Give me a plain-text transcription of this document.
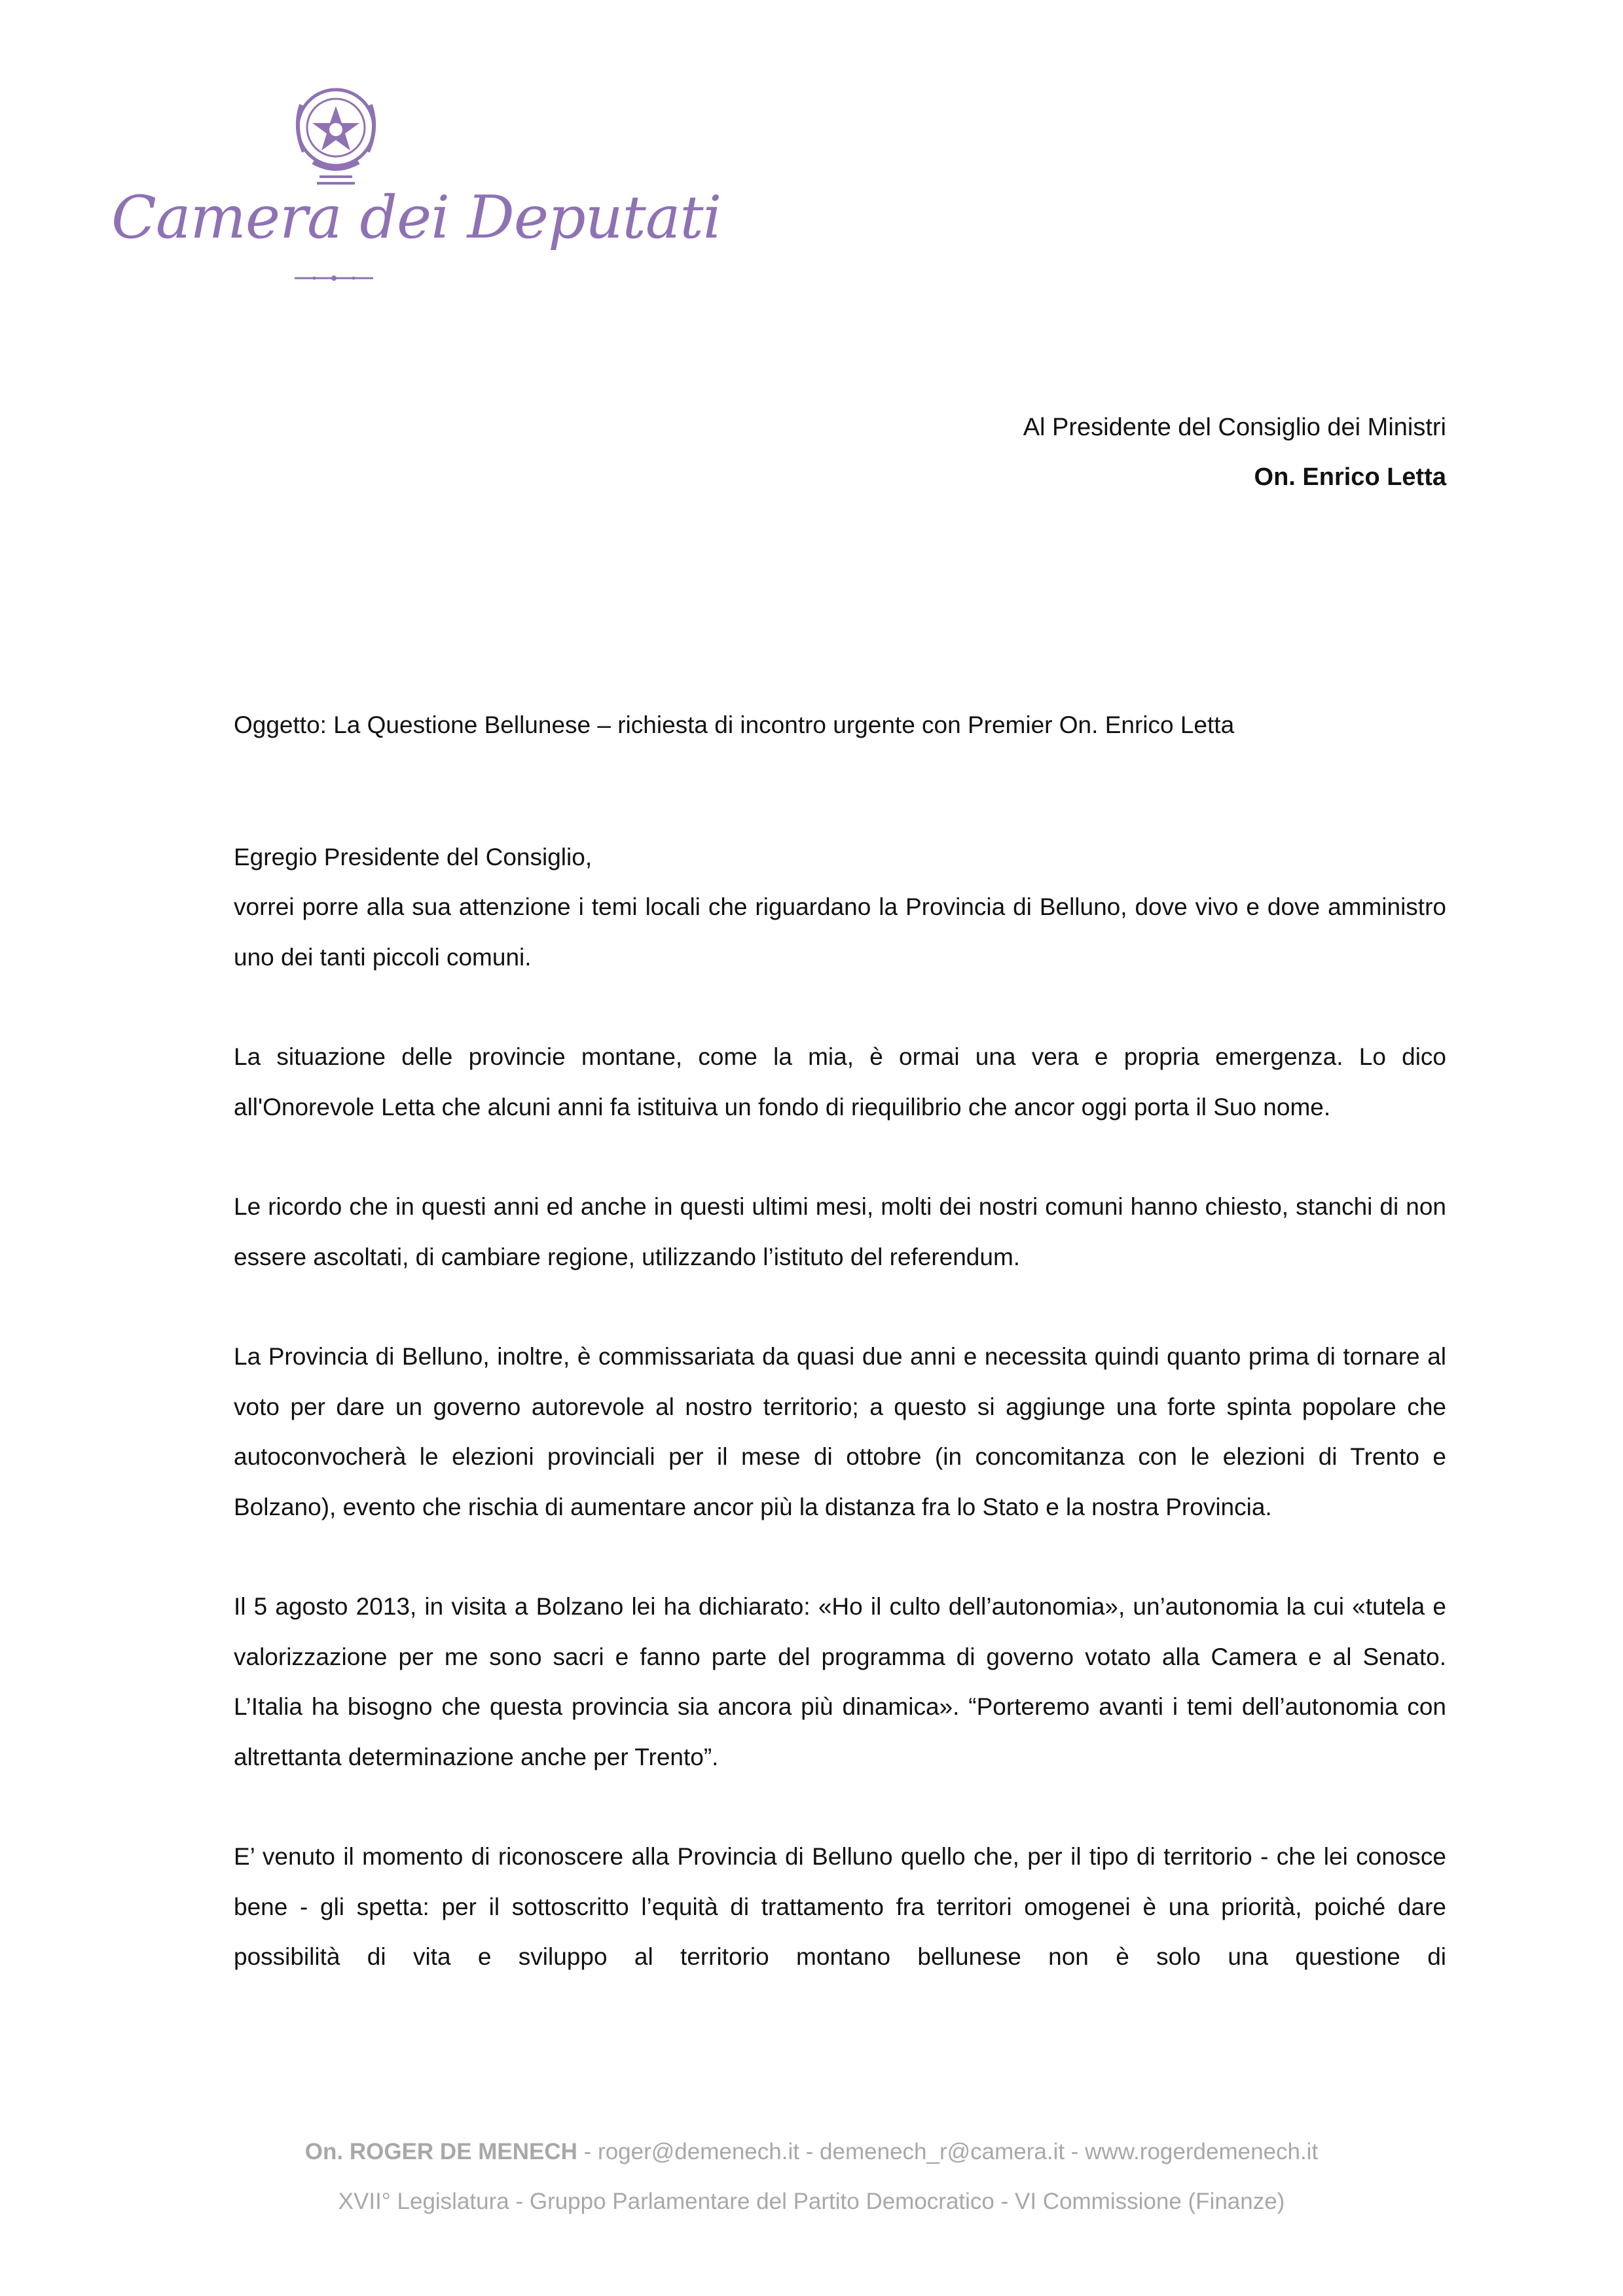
Camera dei Deputati
Al Presidente del Consiglio dei Ministri
On. Enrico Letta

Oggetto: La Questione Bellunese – richiesta di incontro urgente con Premier On. Enrico Letta

Egregio Presidente del Consiglio,
vorrei porre alla sua attenzione i temi locali che riguardano la Provincia di Belluno, dove vivo e dove amministro uno dei tanti piccoli comuni.

La situazione delle provincie montane, come la mia, è ormai una vera e propria emergenza. Lo dico all'Onorevole Letta che alcuni anni fa istituiva un fondo di riequilibrio che ancor oggi porta il Suo nome.

Le ricordo che in questi anni ed anche in questi ultimi mesi, molti dei nostri comuni hanno chiesto, stanchi di non essere ascoltati, di cambiare regione, utilizzando l’istituto del referendum.

La Provincia di Belluno, inoltre, è commissariata da quasi due anni e necessita quindi quanto prima di tornare al voto per dare un governo autorevole al nostro territorio; a questo si aggiunge una forte spinta popolare che autoconvocherà le elezioni provinciali per il mese di ottobre (in concomitanza con le elezioni di Trento e Bolzano), evento che rischia di aumentare ancor più la distanza fra lo Stato e la nostra Provincia.

Il 5 agosto 2013, in visita a Bolzano lei ha dichiarato: «Ho il culto dell’autonomia», un’autonomia la cui «tutela e valorizzazione per me sono sacri e fanno parte del programma di governo votato alla Camera e al Senato. L’Italia ha bisogno che questa provincia sia ancora più dinamica». “Porteremo avanti i temi dell’autonomia con altrettanta determinazione anche per Trento”.

E’ venuto il momento di riconoscere alla Provincia di Belluno quello che, per il tipo di territorio - che lei conosce bene - gli spetta: per il sottoscritto l’equità di trattamento fra territori omogenei è una priorità, poiché dare possibilità di vita e sviluppo al territorio montano bellunese non è solo una questione di

On. ROGER DE MENECH - roger@demenech.it - demenech_r@camera.it - www.rogerdemenech.it
XVII° Legislatura - Gruppo Parlamentare del Partito Democratico - VI Commissione (Finanze)
